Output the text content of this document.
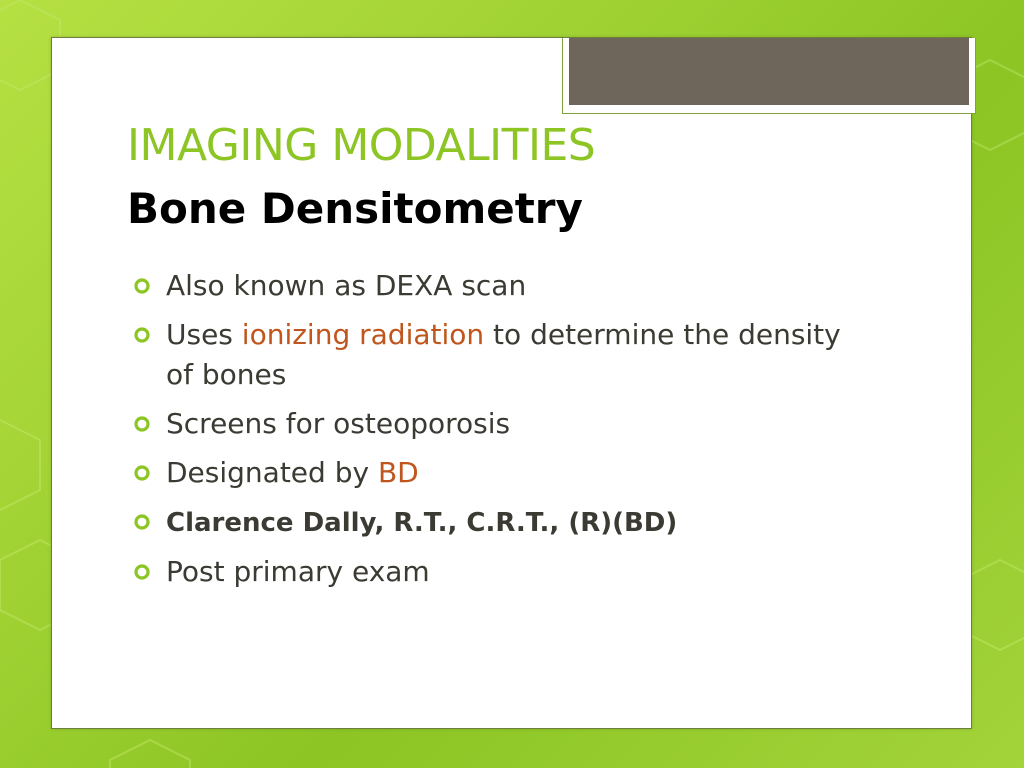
IMAGING MODALITIES
Bone Densitometry
Also known as DEXA scan
Uses ionizing radiation to determine the density of bones
Screens for osteoporosis
Designated by BD
Clarence Dally, R.T., C.R.T., (R)(BD)
Post primary exam
